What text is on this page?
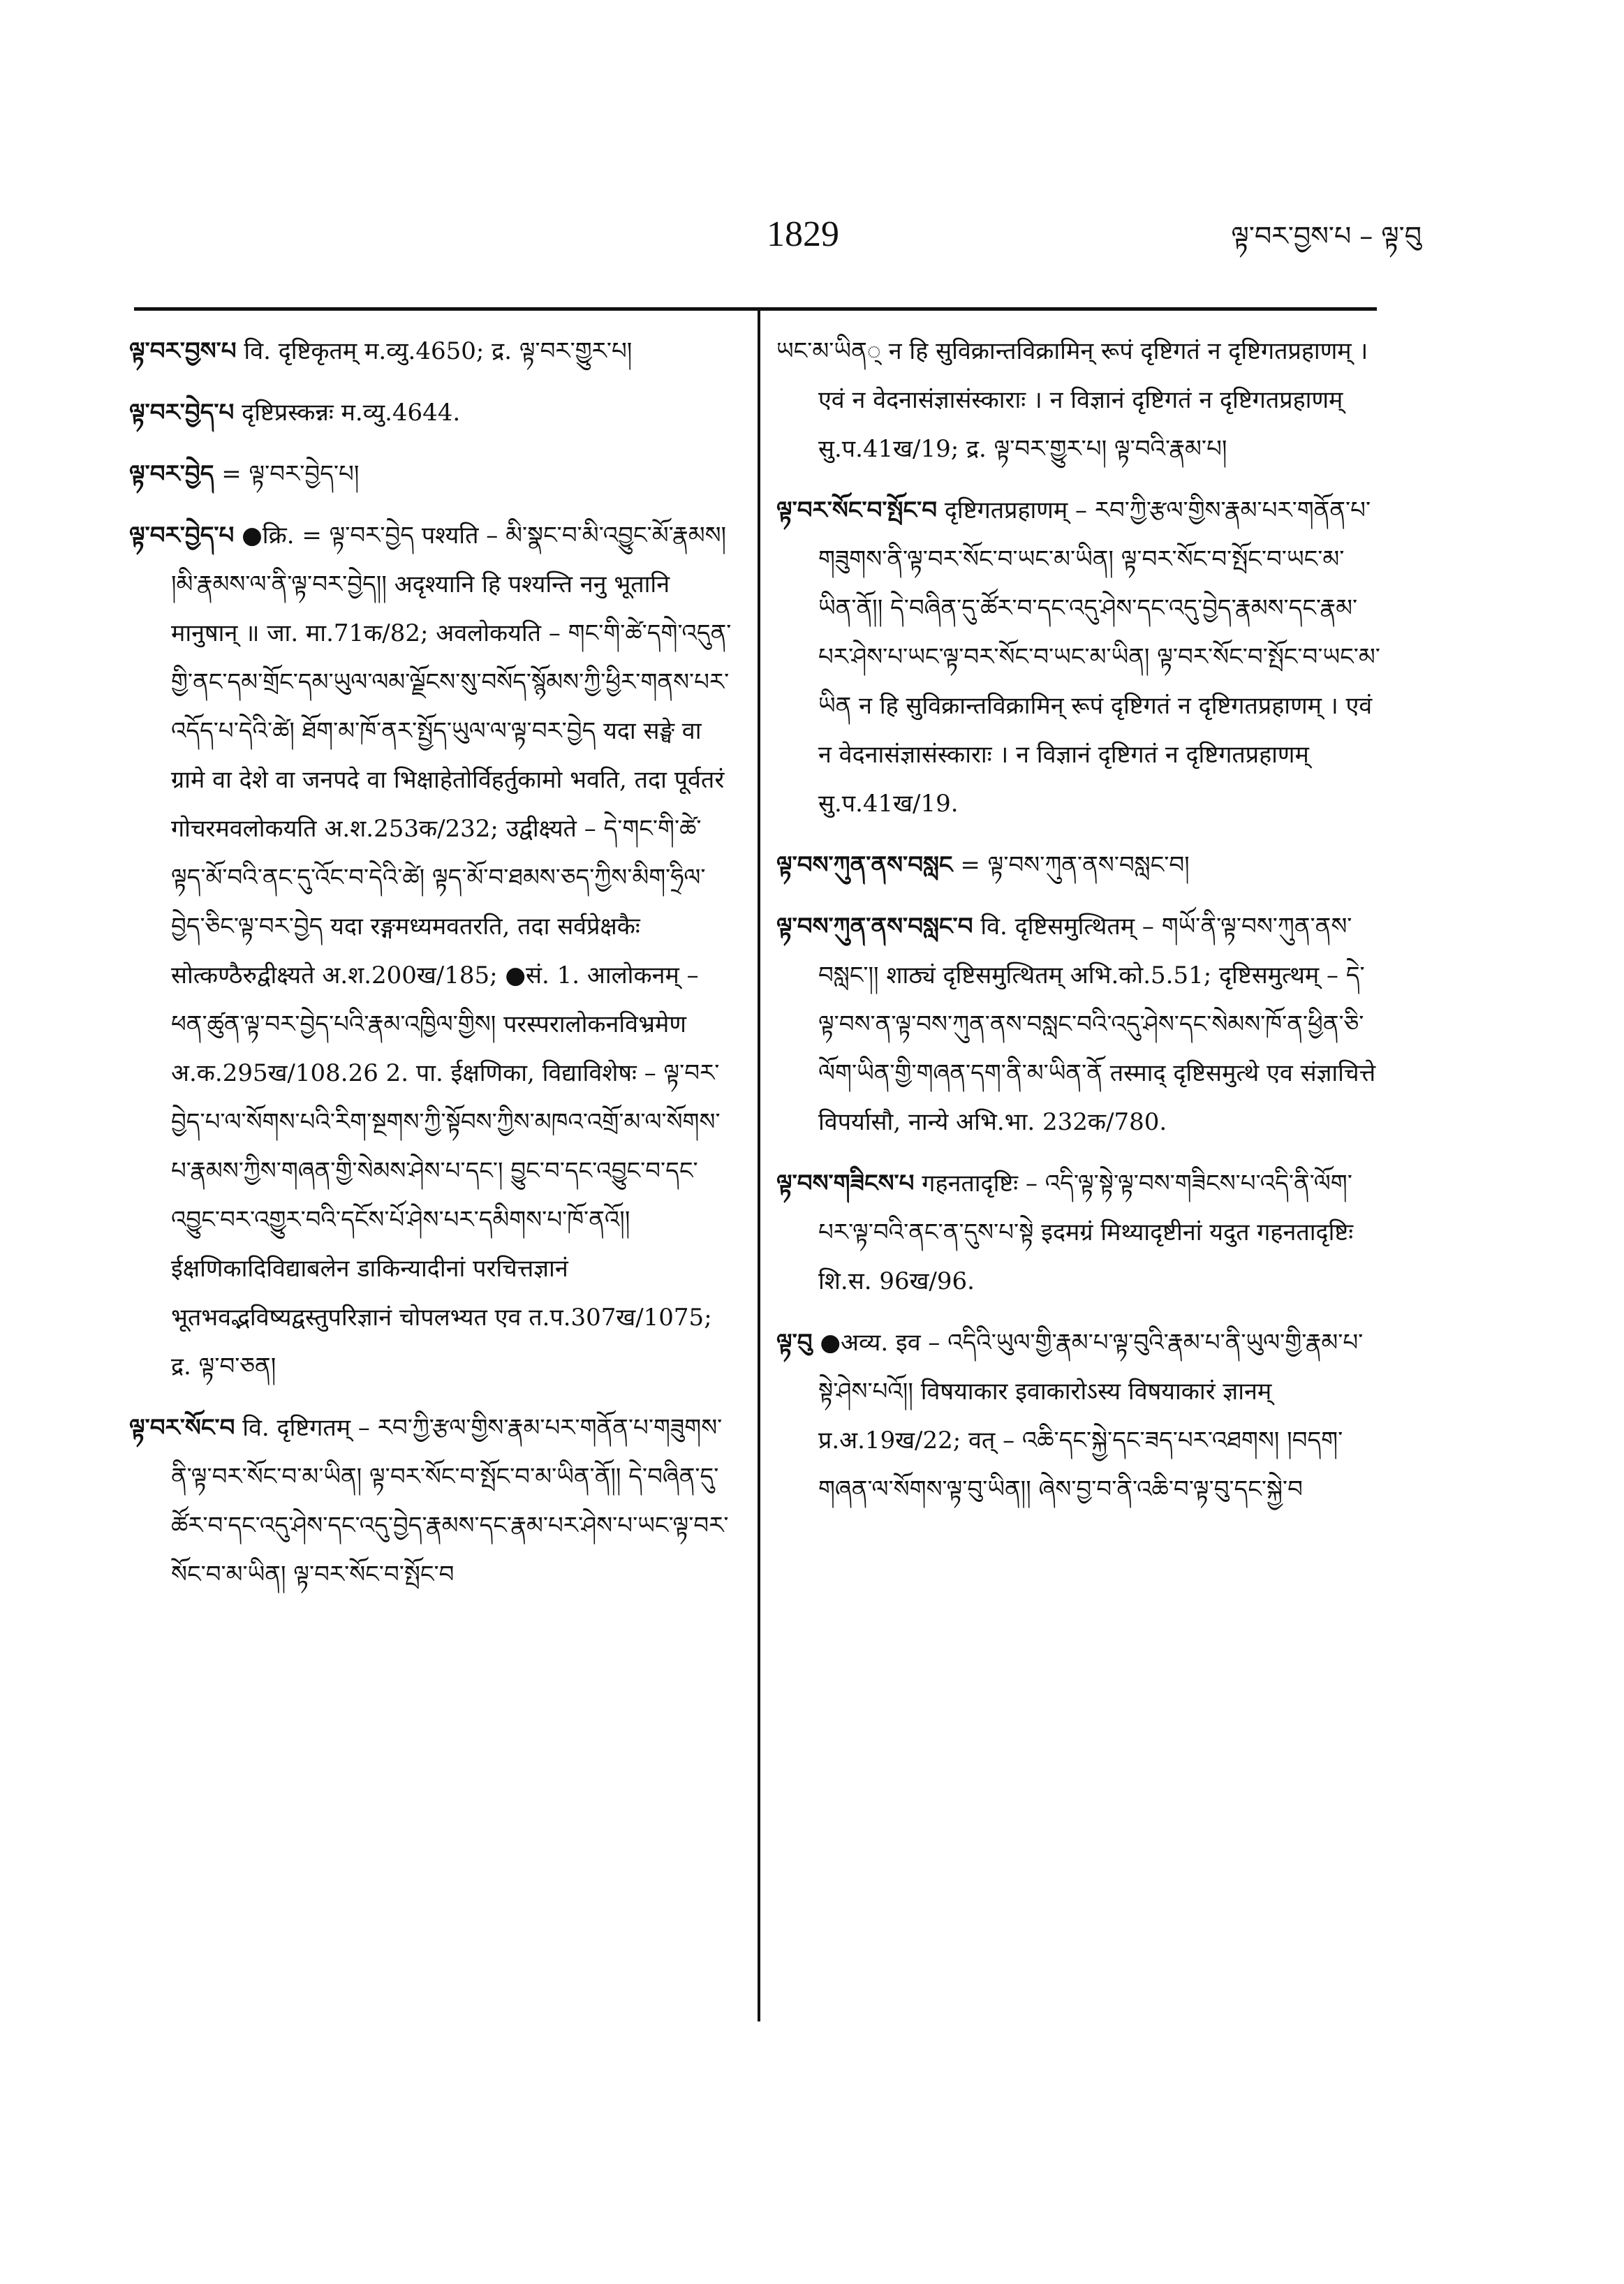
1829	ལྟ་བར་བྱས་པ – ལྟ་བུ

ལྟ་བར་བྱས་པ वि. दृष्टिकृतम् म.व्यु.4650; द्र. ལྟ་བར་གྱུར་པ།

ལྟ་བར་བྱེད་པ दृष्टिप्रस्कन्नः म.व्यु.4644.

ལྟ་བར་བྱེད = ལྟ་བར་བྱེད་པ།

ལྟ་བར་བྱེད་པ ●क्रि. = ལྟ་བར་བྱེད पश्यति – མི་སྣང་བ་མི་འབྱུང་མོ་རྣམས། །མི་རྣམས་ལ་ནི་ལྟ་བར་བྱེད།། अदृश्यानि हि पश्यन्ति ननु भूतानि मानुषान् ॥ जा. मा.71क/82; अवलोकयति – གང་གི་ཚེ་དགེ་འདུན་གྱི་ནང་དམ་གྲོང་དམ་ཡུལ་ལམ་ལྗོངས་སུ་བསོད་སྙོམས་ཀྱི་ཕྱིར་གནས་པར་འདོད་པ་དེའི་ཚེ། ཐོག་མ་ཁོ་ནར་སྤྱོད་ཡུལ་ལ་ལྟ་བར་བྱེད यदा सङ्घे वा ग्रामे वा देशे वा जनपदे वा भिक्षाहेतोर्विहर्तुकामो भवति, तदा पूर्वतरं गोचरमवलोकयति अ.श.253क/232; उद्वीक्ष्यते – དེ་གང་གི་ཚེ་ལྟད་མོ་བའི་ནང་དུ་འོང་བ་དེའི་ཚེ། ལྟད་མོ་བ་ཐམས་ཅད་ཀྱིས་མིག་ཧྲིལ་བྱེད་ཅིང་ལྟ་བར་བྱེད यदा रङ्गमध्यमवतरति, तदा सर्वप्रेक्षकैः सोत्कण्ठैरुद्वीक्ष्यते अ.श.200ख/185; ●सं. 1. आलोकनम् – ཕན་ཚུན་ལྟ་བར་བྱེད་པའི་རྣམ་འཁྱིལ་གྱིས། परस्परालोकनविभ्रमेण अ.क.295ख/108.26 2. पा. ईक्षणिका, विद्याविशेषः – ལྟ་བར་བྱེད་པ་ལ་སོགས་པའི་རིག་སྔགས་ཀྱི་སྟོབས་ཀྱིས་མཁའ་འགྲོ་མ་ལ་སོགས་པ་རྣམས་ཀྱིས་གཞན་གྱི་སེམས་ཤེས་པ་དང་། བྱུང་བ་དང་འབྱུང་བ་དང་འབྱུང་བར་འགྱུར་བའི་དངོས་པོ་ཤེས་པར་དམིགས་པ་ཁོ་ནའོ།། ईक्षणिकादिविद्याबलेन डाकिन्यादीनां परचित्तज्ञानं भूतभवद्भविष्यद्वस्तुपरिज्ञानं चोपलभ्यत एव त.प.307ख/1075; द्र. ལྟ་བ་ཅན།

ལྟ་བར་སོང་བ वि. दृष्टिगतम् – རབ་ཀྱི་རྩལ་གྱིས་རྣམ་པར་གནོན་པ་གཟུགས་ནི་ལྟ་བར་སོང་བ་མ་ཡིན། ལྟ་བར་སོང་བ་སྤོང་བ་མ་ཡིན་ནོ།། དེ་བཞིན་དུ་ཚོར་བ་དང་འདུ་ཤེས་དང་འདུ་བྱེད་རྣམས་དང་རྣམ་པར་ཤེས་པ་ཡང་ལྟ་བར་སོང་བ་མ་ཡིན། ལྟ་བར་སོང་བ་སྤོང་བ

ཡང་མ་ཡིན् न हि सुविक्रान्तविक्रामिन् रूपं दृष्टिगतं न दृष्टिगतप्रहाणम् । एवं न वेदनासंज्ञासंस्काराः । न विज्ञानं दृष्टिगतं न दृष्टिगतप्रहाणम् सु.प.41ख/19; द्र. ལྟ་བར་གྱུར་པ། ལྟ་བའི་རྣམ་པ།

ལྟ་བར་སོང་བ་སྤོང་བ दृष्टिगतप्रहाणम् – རབ་ཀྱི་རྩལ་གྱིས་རྣམ་པར་གནོན་པ་གཟུགས་ནི་ལྟ་བར་སོང་བ་ཡང་མ་ཡིན། ལྟ་བར་སོང་བ་སྤོང་བ་ཡང་མ་ཡིན་ནོ།། དེ་བཞིན་དུ་ཚོར་བ་དང་འདུ་ཤེས་དང་འདུ་བྱེད་རྣམས་དང་རྣམ་པར་ཤེས་པ་ཡང་ལྟ་བར་སོང་བ་ཡང་མ་ཡིན། ལྟ་བར་སོང་བ་སྤོང་བ་ཡང་མ་ཡིན न हि सुविक्रान्तविक्रामिन् रूपं दृष्टिगतं न दृष्टिगतप्रहाणम् । एवं न वेदनासंज्ञासंस्काराः । न विज्ञानं दृष्टिगतं न दृष्टिगतप्रहाणम् सु.प.41ख/19.

ལྟ་བས་ཀུན་ནས་བསླང = ལྟ་བས་ཀུན་ནས་བསླང་བ།

ལྟ་བས་ཀུན་ནས་བསླང་བ वि. दृष्टिसमुत्थितम् – གཡོ་ནི་ལྟ་བས་ཀུན་ནས་བསླང་།། शाठ्यं दृष्टिसमुत्थितम् अभि.को.5.51; दृष्टिसमुत्थम् – དེ་ལྟ་བས་ན་ལྟ་བས་ཀུན་ནས་བསླང་བའི་འདུ་ཤེས་དང་སེམས་ཁོ་ན་ཕྱིན་ཅི་ལོག་ཡིན་གྱི་གཞན་དག་ནི་མ་ཡིན་ནོ तस्माद् दृष्टिसमुत्थे एव संज्ञाचित्ते विपर्यासौ, नान्ये अभि.भा. 232क/780.

ལྟ་བས་གཟིངས་པ गहनतादृष्टिः – འདི་ལྟ་སྟེ་ལྟ་བས་གཟིངས་པ་འདི་ནི་ལོག་པར་ལྟ་བའི་ནང་ན་དུས་པ་སྟེ इदमग्रं मिथ्यादृष्टीनां यदुत गहनतादृष्टिः शि.स. 96ख/96.

ལྟ་བུ ●अव्य. इव – འདིའི་ཡུལ་གྱི་རྣམ་པ་ལྟ་བུའི་རྣམ་པ་ནི་ཡུལ་གྱི་རྣམ་པ་སྟེ་ཤེས་པའོ།། विषयाकार इवाकारोऽस्य विषयाकारं ज्ञानम् प्र.अ.19ख/22; वत् – འཆི་དང་སྐྱེ་དང་ཟད་པར་འཐགས། །བདག་གཞན་ལ་སོགས་ལྟ་བུ་ཡིན།། ཞེས་བྱ་བ་ནི་འཆི་བ་ལྟ་བུ་དང་སྐྱེ་བ
